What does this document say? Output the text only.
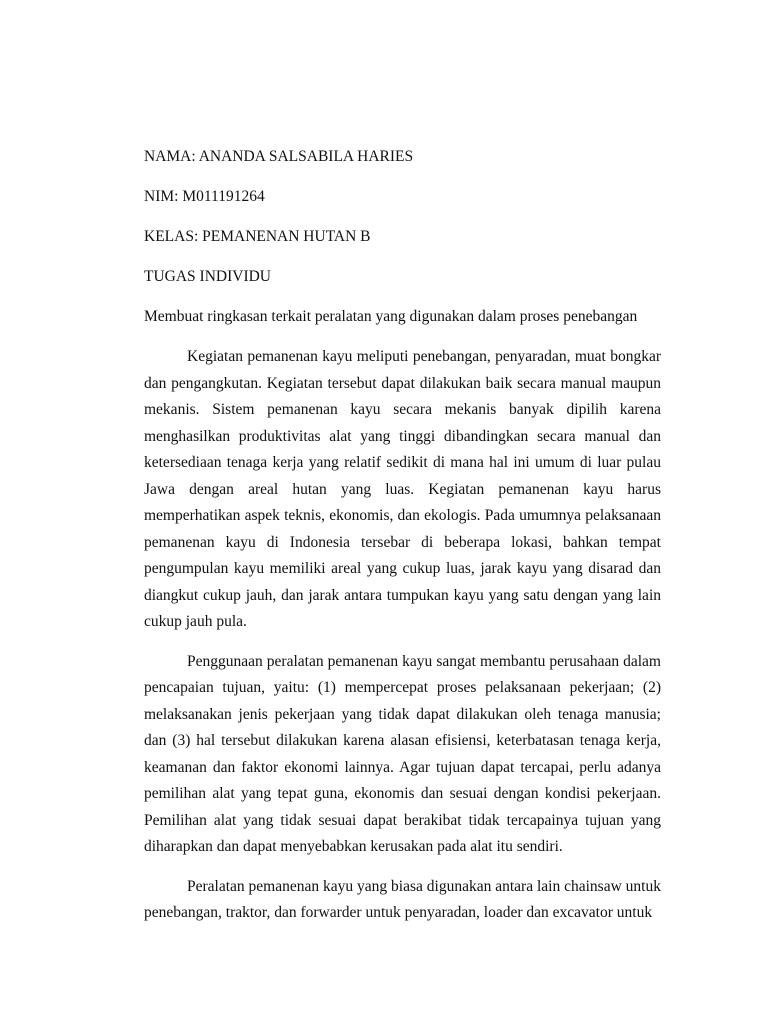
NAMA: ANANDA SALSABILA HARIES

NIM: M011191264

KELAS: PEMANENAN HUTAN B

TUGAS INDIVIDU

Membuat ringkasan terkait peralatan yang digunakan dalam proses penebangan

Kegiatan pemanenan kayu meliputi penebangan, penyaradan, muat bongkar dan pengangkutan. Kegiatan tersebut dapat dilakukan baik secara manual maupun mekanis. Sistem pemanenan kayu secara mekanis banyak dipilih karena menghasilkan produktivitas alat yang tinggi dibandingkan secara manual dan ketersediaan tenaga kerja yang relatif sedikit di mana hal ini umum di luar pulau Jawa dengan areal hutan yang luas. Kegiatan pemanenan kayu harus memperhatikan aspek teknis, ekonomis, dan ekologis. Pada umumnya pelaksanaan pemanenan kayu di Indonesia tersebar di beberapa lokasi, bahkan tempat pengumpulan kayu memiliki areal yang cukup luas, jarak kayu yang disarad dan diangkut cukup jauh, dan jarak antara tumpukan kayu yang satu dengan yang lain cukup jauh pula.

Penggunaan peralatan pemanenan kayu sangat membantu perusahaan dalam pencapaian tujuan, yaitu: (1) mempercepat proses pelaksanaan pekerjaan; (2) melaksanakan jenis pekerjaan yang tidak dapat dilakukan oleh tenaga manusia; dan (3) hal tersebut dilakukan karena alasan efisiensi, keterbatasan tenaga kerja, keamanan dan faktor ekonomi lainnya. Agar tujuan dapat tercapai, perlu adanya pemilihan alat yang tepat guna, ekonomis dan sesuai dengan kondisi pekerjaan. Pemilihan alat yang tidak sesuai dapat berakibat tidak tercapainya tujuan yang diharapkan dan dapat menyebabkan kerusakan pada alat itu sendiri.

Peralatan pemanenan kayu yang biasa digunakan antara lain chainsaw untuk penebangan, traktor, dan forwarder untuk penyaradan, loader dan excavator untuk
